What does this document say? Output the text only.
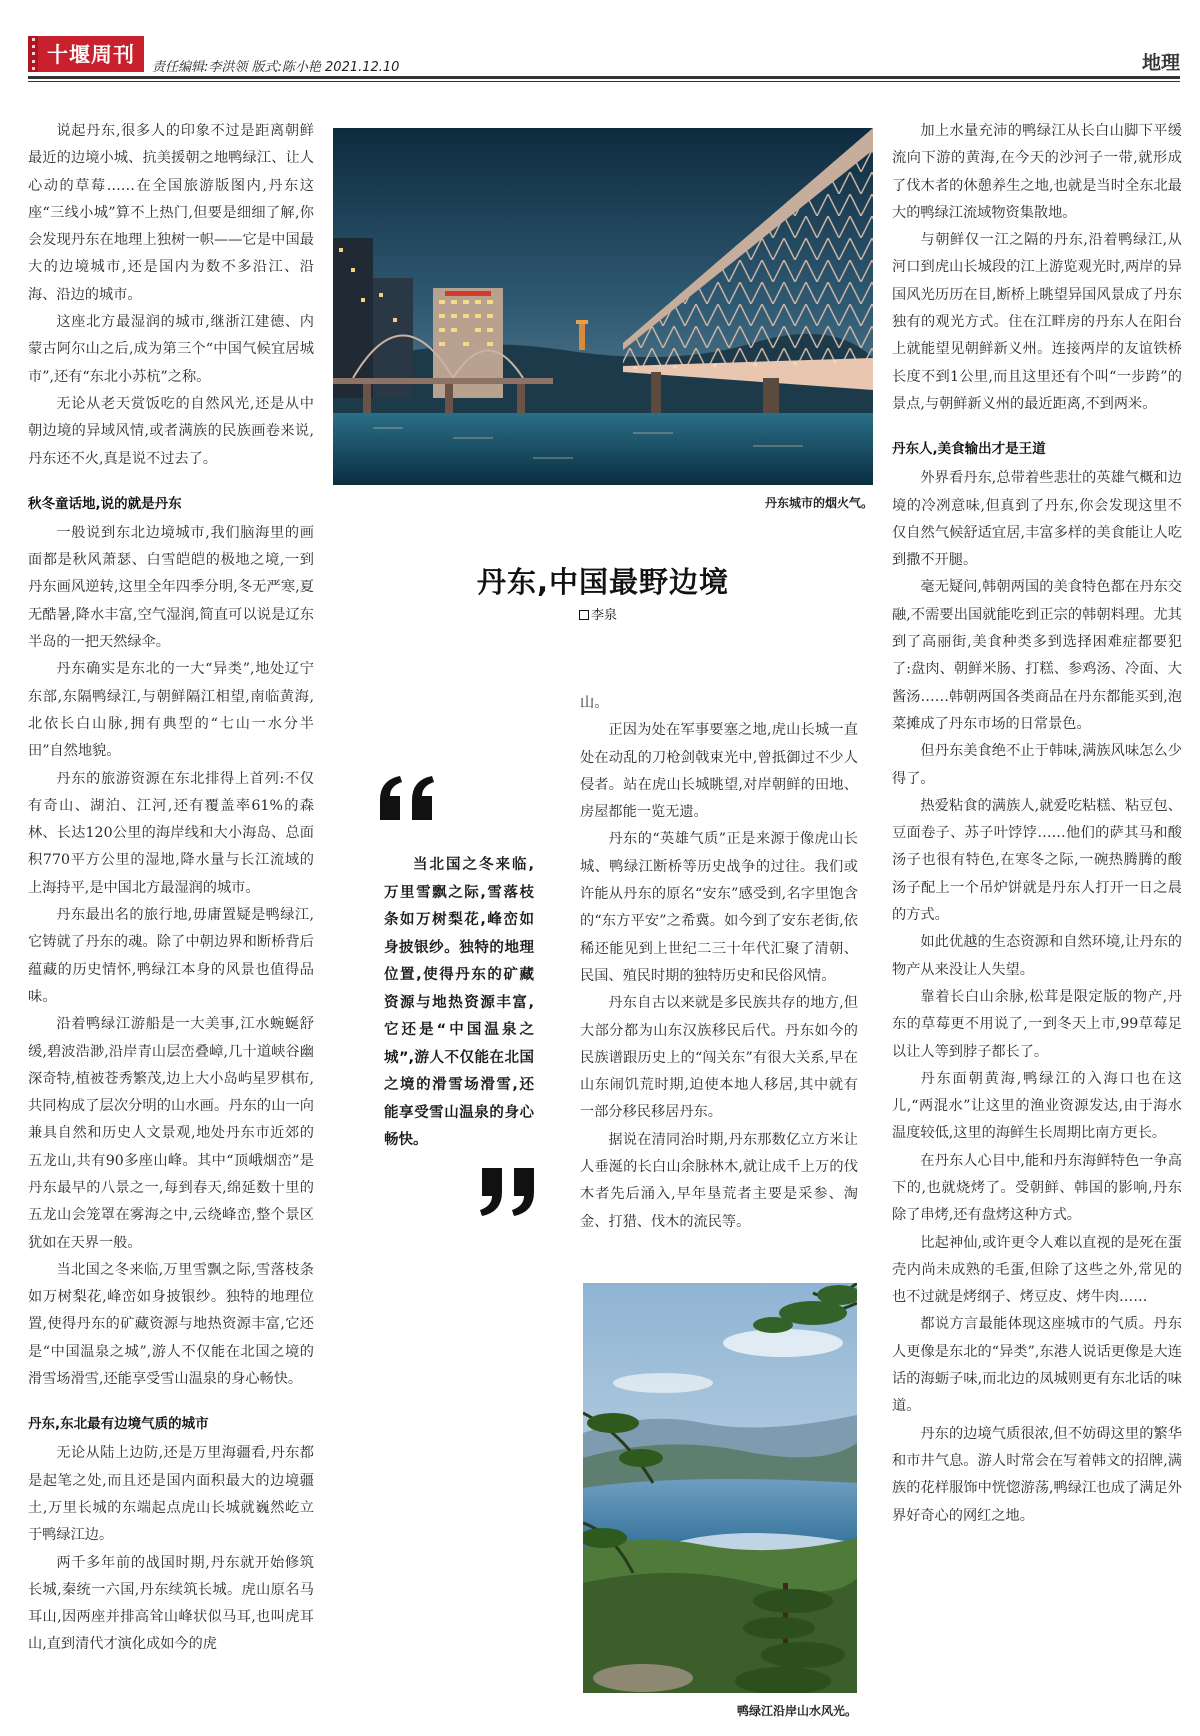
十堰周刊
责任编辑:李洪领 版式:陈小艳 2021.12.10	地理

说起丹东,很多人的印象不过是距离朝鲜最近的边境小城、抗美援朝之地鸭绿江、让人心动的草莓……在全国旅游版图内,丹东这座“三线小城”算不上热门,但要是细细了解,你会发现丹东在地理上独树一帜——它是中国最大的边境城市,还是国内为数不多沿江、沿海、沿边的城市。

这座北方最湿润的城市,继浙江建德、内蒙古阿尔山之后,成为第三个“中国气候宜居城市”,还有“东北小苏杭”之称。

无论从老天赏饭吃的自然风光,还是从中朝边境的异域风情,或者满族的民族画卷来说,丹东还不火,真是说不过去了。

秋冬童话地,说的就是丹东

一般说到东北边境城市,我们脑海里的画面都是秋风萧瑟、白雪皑皑的极地之境,一到丹东画风逆转,这里全年四季分明,冬无严寒,夏无酷暑,降水丰富,空气湿润,简直可以说是辽东半岛的一把天然绿伞。

丹东确实是东北的一大“异类”,地处辽宁东部,东隔鸭绿江,与朝鲜隔江相望,南临黄海,北依长白山脉,拥有典型的“七山一水分半田”自然地貌。

丹东的旅游资源在东北排得上首列:不仅有奇山、湖泊、江河,还有覆盖率61%的森林、长达120公里的海岸线和大小海岛、总面积770平方公里的湿地,降水量与长江流域的上海持平,是中国北方最湿润的城市。

丹东最出名的旅行地,毋庸置疑是鸭绿江,它铸就了丹东的魂。除了中朝边界和断桥背后蕴藏的历史情怀,鸭绿江本身的风景也值得品味。

沿着鸭绿江游船是一大美事,江水蜿蜒舒缓,碧波浩渺,沿岸青山层峦叠嶂,几十道峡谷幽深奇特,植被苍秀繁茂,边上大小岛屿星罗棋布,共同构成了层次分明的山水画。丹东的山一向兼具自然和历史人文景观,地处丹东市近郊的五龙山,共有90多座山峰。其中“顶峨烟峦”是丹东最早的八景之一,每到春天,绵延数十里的五龙山会笼罩在雾海之中,云绕峰峦,整个景区犹如在天界一般。

当北国之冬来临,万里雪飘之际,雪落枝条如万树梨花,峰峦如身披银纱。独特的地理位置,使得丹东的矿藏资源与地热资源丰富,它还是“中国温泉之城”,游人不仅能在北国之境的滑雪场滑雪,还能享受雪山温泉的身心畅快。

丹东,东北最有边境气质的城市

无论从陆上边防,还是万里海疆看,丹东都是起笔之处,而且还是国内面积最大的边境疆土,万里长城的东端起点虎山长城就巍然屹立于鸭绿江边。

两千多年前的战国时期,丹东就开始修筑长城,秦统一六国,丹东续筑长城。虎山原名马耳山,因两座并排高耸山峰状似马耳,也叫虎耳山,直到清代才演化成如今的虎

丹东城市的烟火气。
丹东,中国最野边境
李泉
当北国之冬来临,万里雪飘之际,雪落枝条如万树梨花,峰峦如身披银纱。独特的地理位置,使得丹东的矿藏资源与地热资源丰富,它还是“中国温泉之城”,游人不仅能在北国之境的滑雪场滑雪,还能享受雪山温泉的身心畅快。

山。

正因为处在军事要塞之地,虎山长城一直处在动乱的刀枪剑戟束光中,曾抵御过不少人侵者。站在虎山长城眺望,对岸朝鲜的田地、房屋都能一览无遗。

丹东的“英雄气质”正是来源于像虎山长城、鸭绿江断桥等历史战争的过往。我们或许能从丹东的原名“安东”感受到,名字里饱含的“东方平安”之希冀。如今到了安东老街,依稀还能见到上世纪二三十年代汇聚了清朝、民国、殖民时期的独特历史和民俗风情。

丹东自古以来就是多民族共存的地方,但大部分都为山东汉族移民后代。丹东如今的民族谱跟历史上的“闯关东”有很大关系,早在山东闹饥荒时期,迫使本地人移居,其中就有一部分移民移居丹东。

据说在清同治时期,丹东那数亿立方米让人垂涎的长白山余脉林木,就让成千上万的伐木者先后涌入,早年垦荒者主要是采参、淘金、打猎、伐木的流民等。

鸭绿江沿岸山水风光。

加上水量充沛的鸭绿江从长白山脚下平缓流向下游的黄海,在今天的沙河子一带,就形成了伐木者的休憩养生之地,也就是当时全东北最大的鸭绿江流域物资集散地。

与朝鲜仅一江之隔的丹东,沿着鸭绿江,从河口到虎山长城段的江上游览观光时,两岸的异国风光历历在目,断桥上眺望异国风景成了丹东独有的观光方式。住在江畔房的丹东人在阳台上就能望见朝鲜新义州。连接两岸的友谊铁桥长度不到1公里,而且这里还有个叫“一步跨”的景点,与朝鲜新义州的最近距离,不到两米。

丹东人,美食输出才是王道

外界看丹东,总带着些悲壮的英雄气概和边境的冷冽意味,但真到了丹东,你会发现这里不仅自然气候舒适宜居,丰富多样的美食能让人吃到撒不开腿。

毫无疑问,韩朝两国的美食特色都在丹东交融,不需要出国就能吃到正宗的韩朝料理。尤其到了高丽街,美食种类多到选择困难症都要犯了:盘肉、朝鲜米肠、打糕、参鸡汤、冷面、大酱汤……韩朝两国各类商品在丹东都能买到,泡菜摊成了丹东市场的日常景色。

但丹东美食绝不止于韩味,满族风味怎么少得了。

热爱粘食的满族人,就爱吃粘糕、粘豆包、豆面卷子、苏子叶饽饽……他们的萨其马和酸汤子也很有特色,在寒冬之际,一碗热腾腾的酸汤子配上一个吊炉饼就是丹东人打开一日之晨的方式。

如此优越的生态资源和自然环境,让丹东的物产从来没让人失望。

靠着长白山余脉,松茸是限定版的物产,丹东的草莓更不用说了,一到冬天上市,99草莓足以让人等到脖子都长了。

丹东面朝黄海,鸭绿江的入海口也在这儿,“两混水”让这里的渔业资源发达,由于海水温度较低,这里的海鲜生长周期比南方更长。

在丹东人心目中,能和丹东海鲜特色一争高下的,也就烧烤了。受朝鲜、韩国的影响,丹东除了串烤,还有盘烤这种方式。

比起神仙,或许更令人难以直视的是死在蛋壳内尚未成熟的毛蛋,但除了这些之外,常见的也不过就是烤纲子、烤豆皮、烤牛肉……

都说方言最能体现这座城市的气质。丹东人更像是东北的“异类”,东港人说话更像是大连话的海蛎子味,而北边的凤城则更有东北话的味道。

丹东的边境气质很浓,但不妨碍这里的繁华和市井气息。游人时常会在写着韩文的招牌,满族的花样服饰中恍惚游荡,鸭绿江也成了满足外界好奇心的网红之地。
